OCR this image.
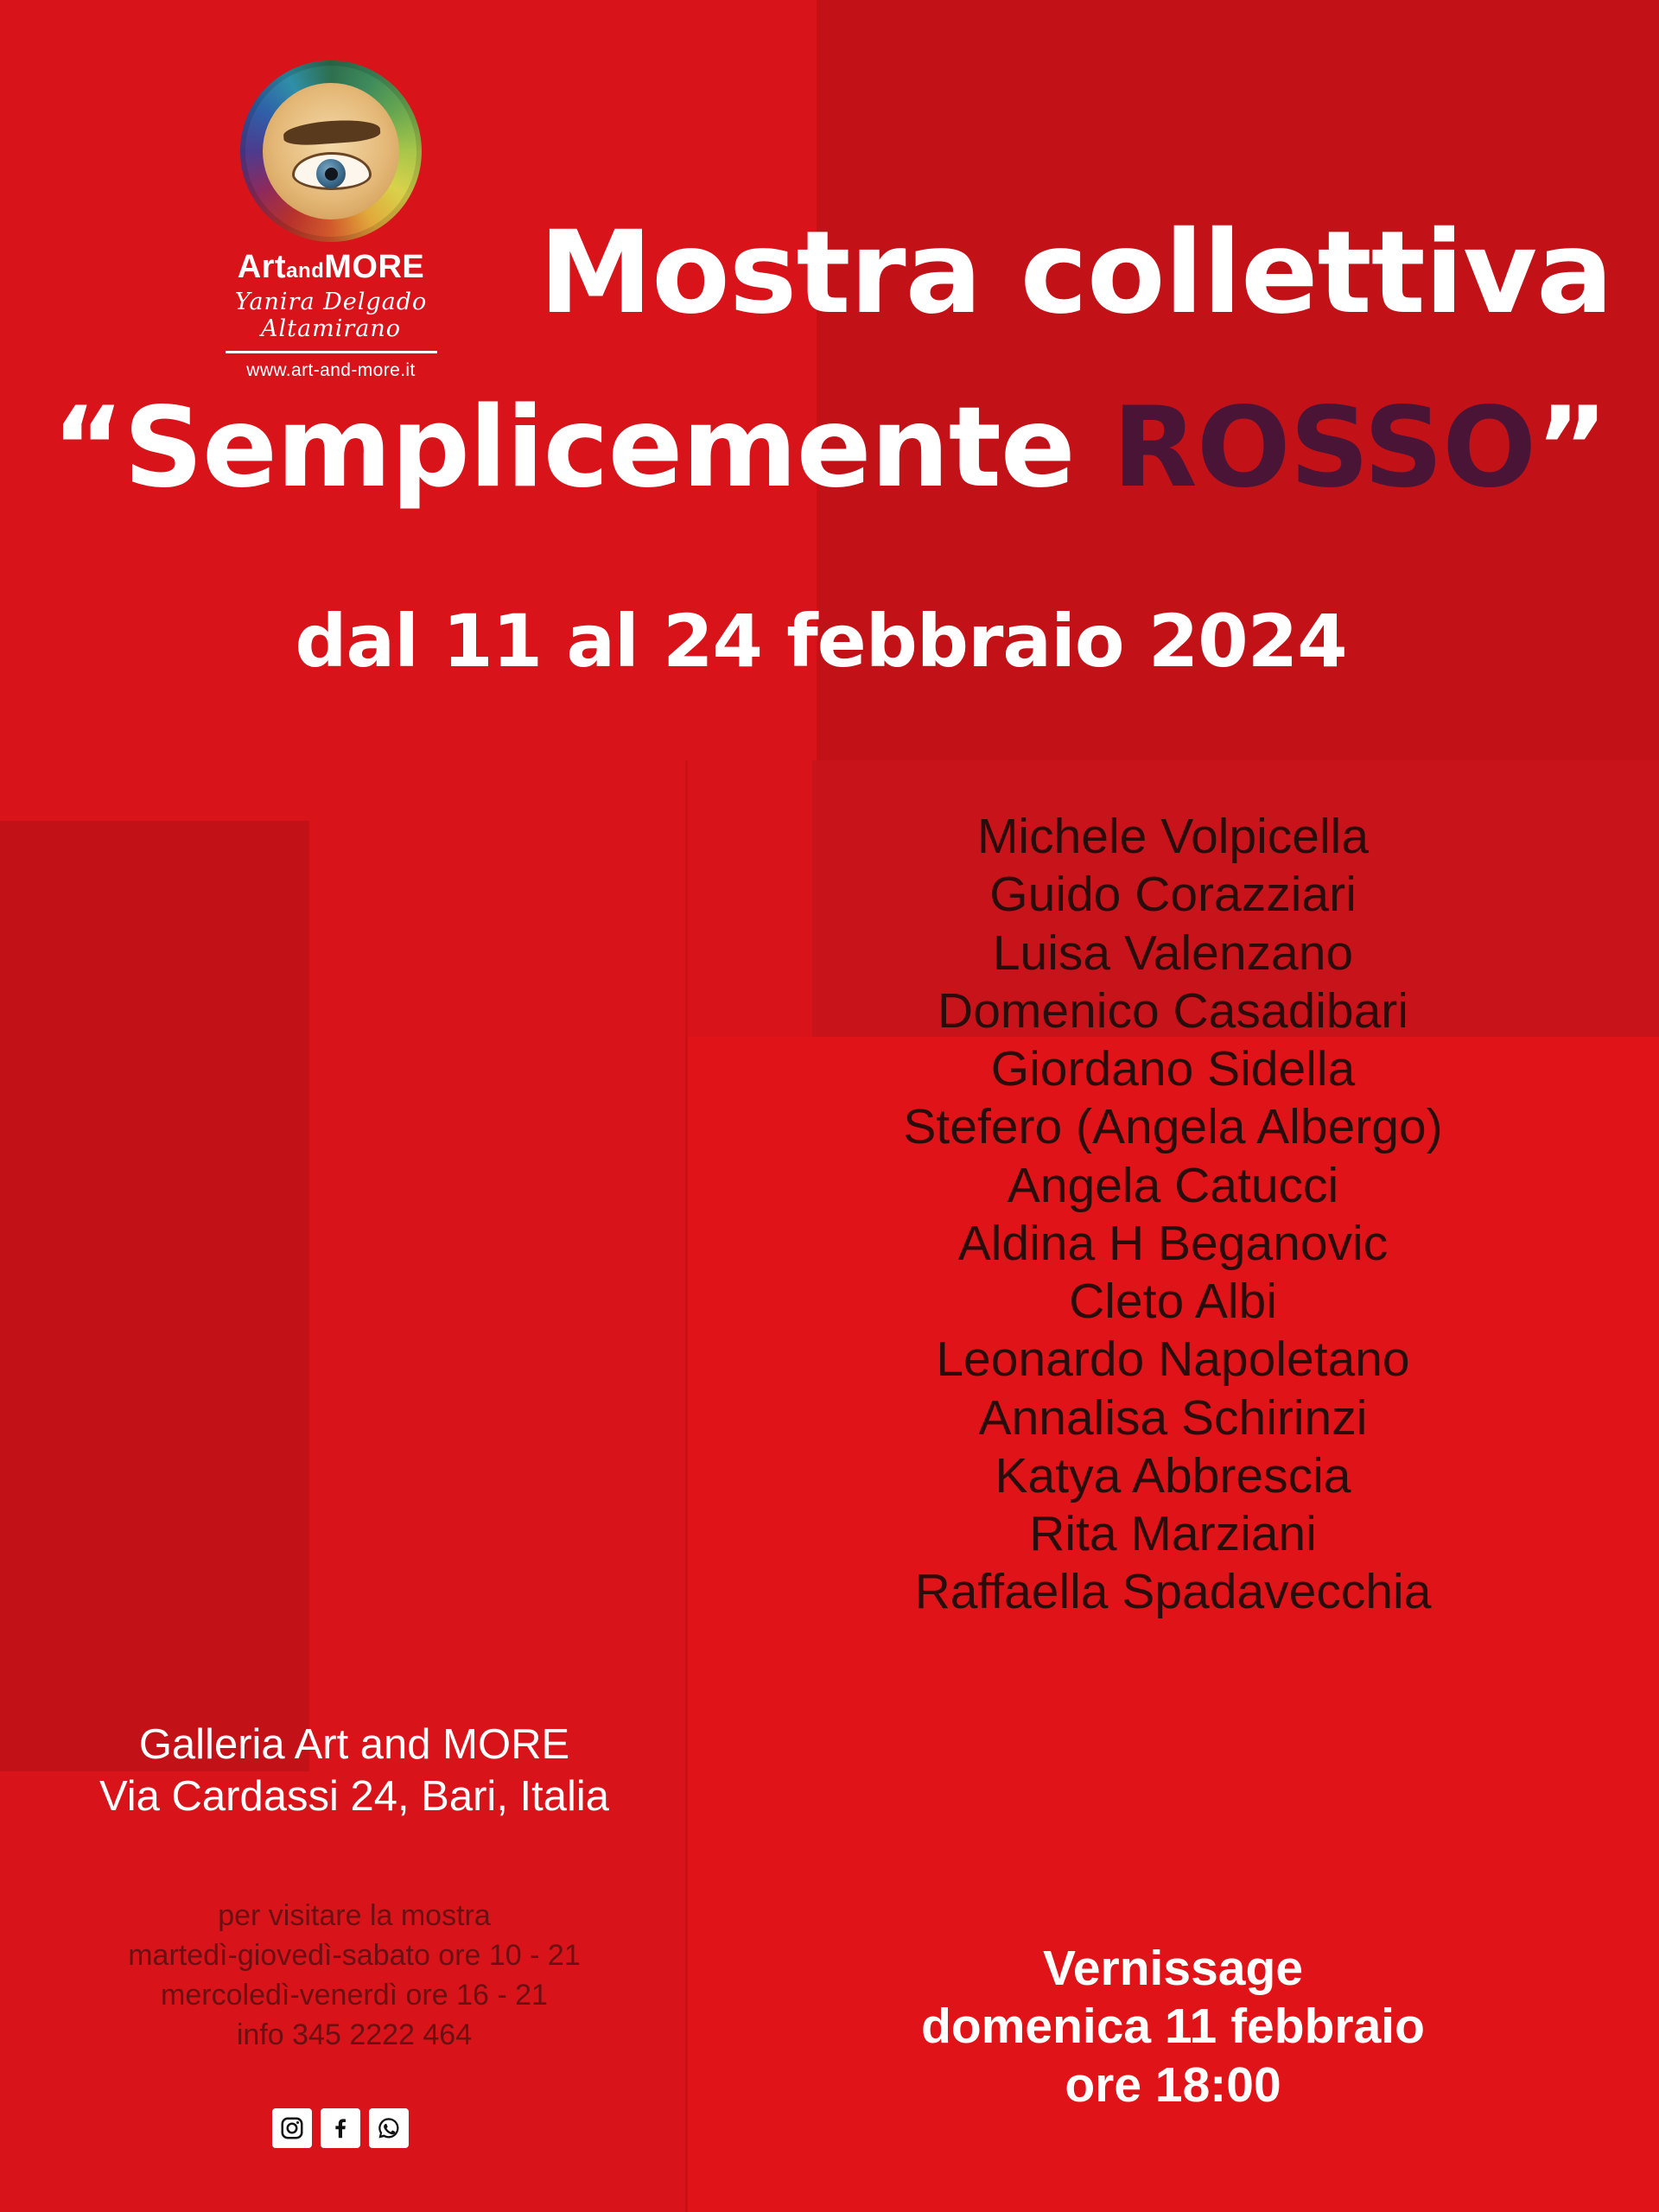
ArtandMORE
Yanira Delgado Altamirano
www.art-and-more.it
Mostra collettiva
“Semplicemente ROSSO”
dal 11 al 24 febbraio 2024
Michele Volpicella
Guido Corazziari
Luisa Valenzano
Domenico Casadibari
Giordano Sidella
Stefero (Angela Albergo)
Angela Catucci
Aldina H Beganovic
Cleto Albi
Leonardo Napoletano
Annalisa Schirinzi
Katya Abbrescia
Rita Marziani
Raffaella Spadavecchia
Vernissage
domenica 11 febbraio
ore 18:00
Galleria Art and MORE
Via Cardassi 24, Bari, Italia
per visitare la mostra
martedì-giovedì-sabato ore 10 - 21
mercoledì-venerdì ore 16 - 21
info 345 2222 464
